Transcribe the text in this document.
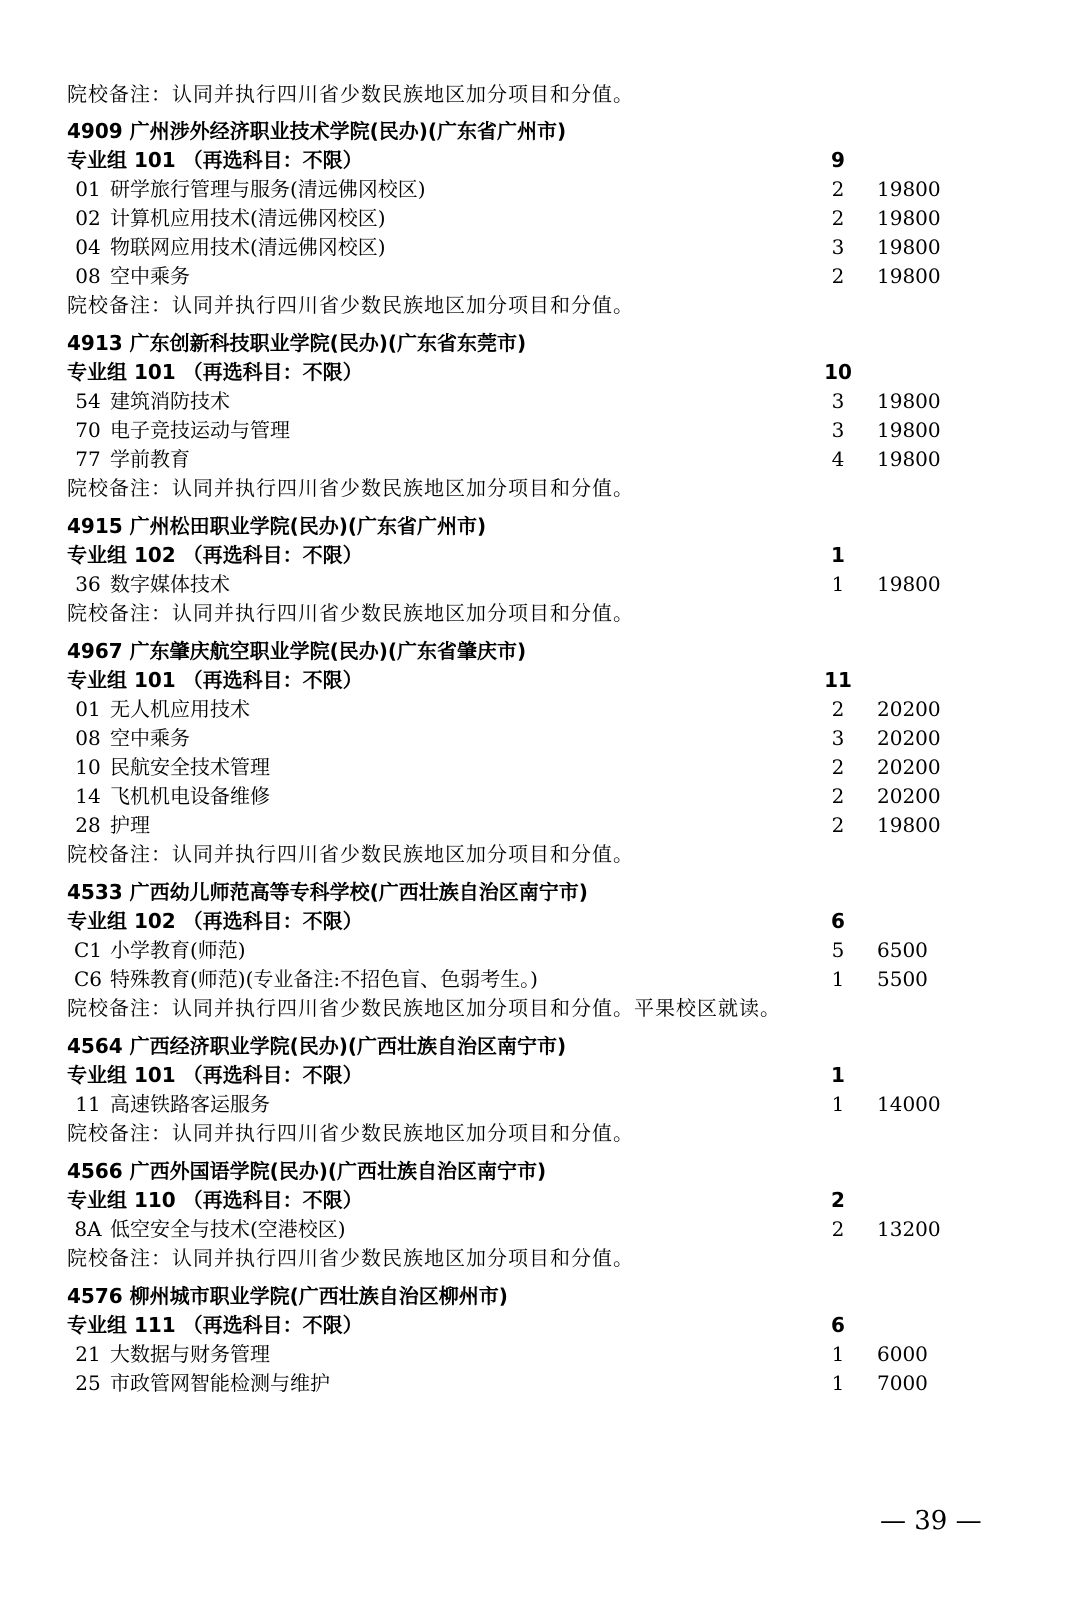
院校备注：认同并执行四川省少数民族地区加分项目和分值。
4909 广州涉外经济职业技术学院(民办)(广东省广州市)
专业组 101 （再选科目：不限）	9
01 研学旅行管理与服务(清远佛冈校区)	2	19800
02 计算机应用技术(清远佛冈校区)	2	19800
04 物联网应用技术(清远佛冈校区)	3	19800
08 空中乘务	2	19800
院校备注：认同并执行四川省少数民族地区加分项目和分值。
4913 广东创新科技职业学院(民办)(广东省东莞市)
专业组 101 （再选科目：不限）	10
54 建筑消防技术	3	19800
70 电子竞技运动与管理	3	19800
77 学前教育	4	19800
院校备注：认同并执行四川省少数民族地区加分项目和分值。
4915 广州松田职业学院(民办)(广东省广州市)
专业组 102 （再选科目：不限）	1
36 数字媒体技术	1	19800
院校备注：认同并执行四川省少数民族地区加分项目和分值。
4967 广东肇庆航空职业学院(民办)(广东省肇庆市)
专业组 101 （再选科目：不限）	11
01 无人机应用技术	2	20200
08 空中乘务	3	20200
10 民航安全技术管理	2	20200
14 飞机机电设备维修	2	20200
28 护理	2	19800
院校备注：认同并执行四川省少数民族地区加分项目和分值。
4533 广西幼儿师范高等专科学校(广西壮族自治区南宁市)
专业组 102 （再选科目：不限）	6
C1 小学教育(师范)	5	6500
C6 特殊教育(师范)(专业备注:不招色盲、色弱考生。)	1	5500
院校备注：认同并执行四川省少数民族地区加分项目和分值。平果校区就读。
4564 广西经济职业学院(民办)(广西壮族自治区南宁市)
专业组 101 （再选科目：不限）	1
11 高速铁路客运服务	1	14000
院校备注：认同并执行四川省少数民族地区加分项目和分值。
4566 广西外国语学院(民办)(广西壮族自治区南宁市)
专业组 110 （再选科目：不限）	2
8A 低空安全与技术(空港校区)	2	13200
院校备注：认同并执行四川省少数民族地区加分项目和分值。
4576 柳州城市职业学院(广西壮族自治区柳州市)
专业组 111 （再选科目：不限）	6
21 大数据与财务管理	1	6000
25 市政管网智能检测与维护	1	7000
— 39 —
